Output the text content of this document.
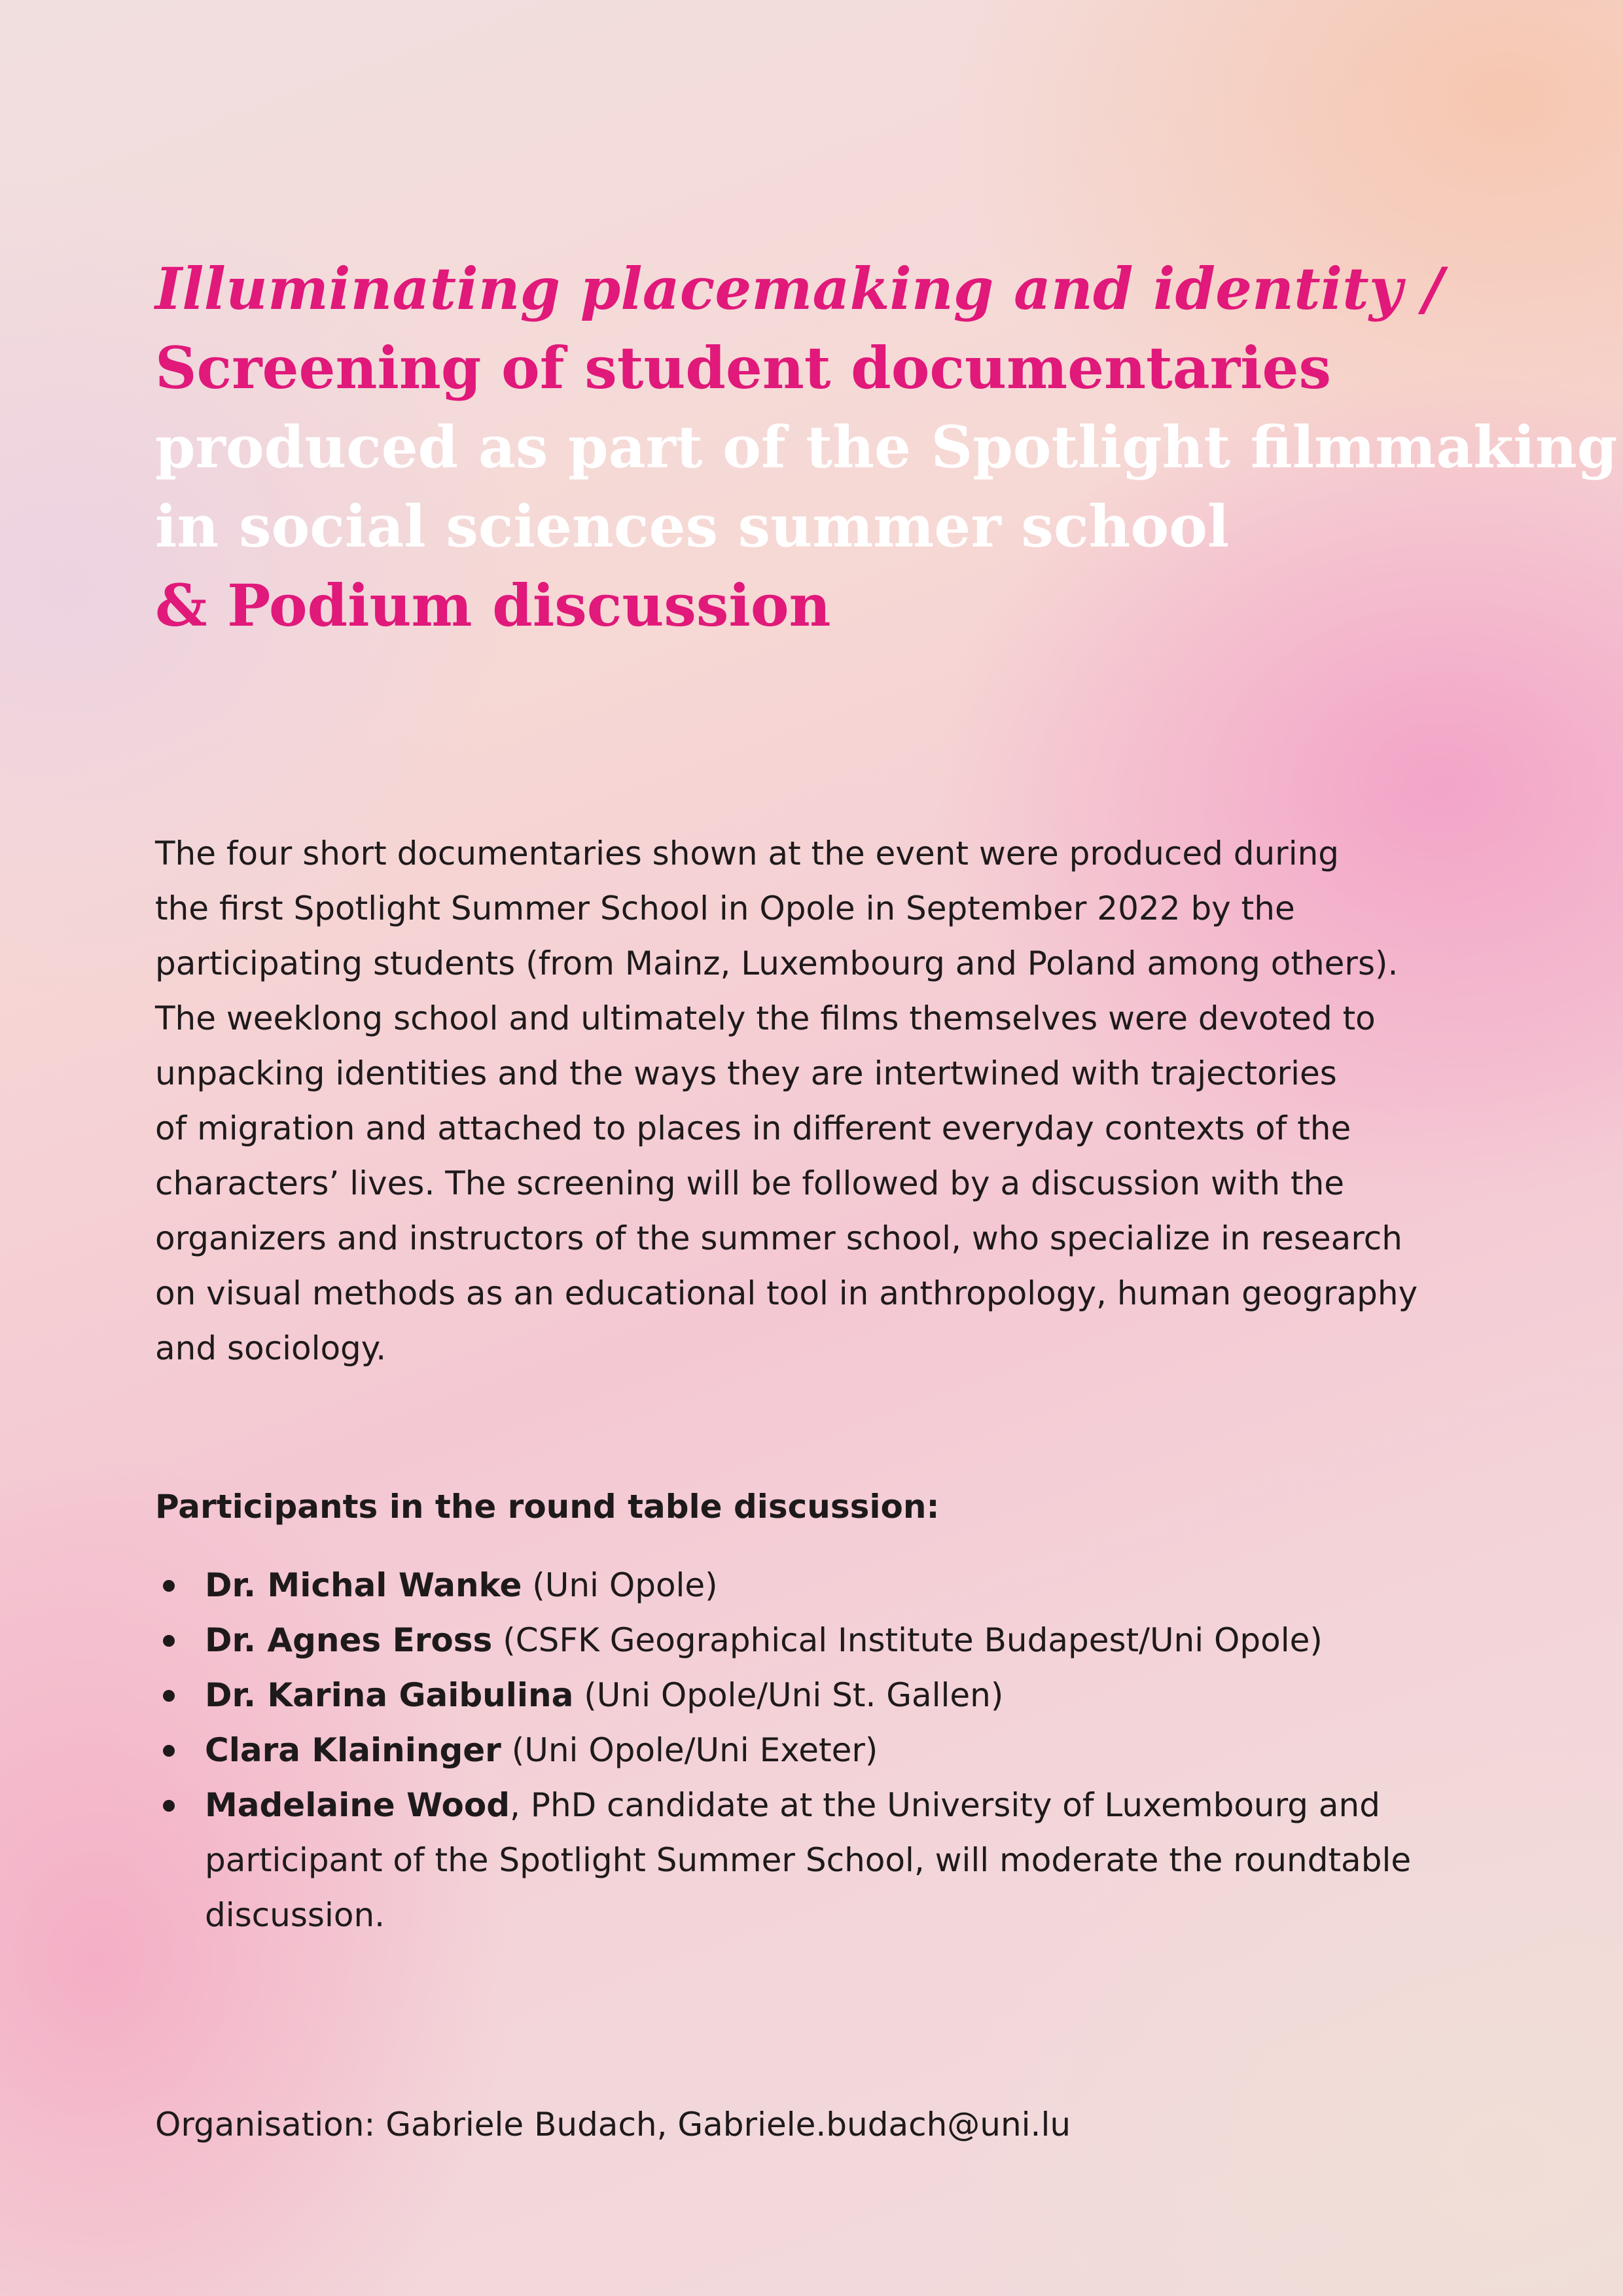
Illuminating placemaking and identity /
Screening of student documentaries
produced as part of the Spotlight filmmaking
in social sciences summer school
& Podium discussion

The four short documentaries shown at the event were produced during
the first Spotlight Summer School in Opole in September 2022 by the
participating students (from Mainz, Luxembourg and Poland among others).
The weeklong school and ultimately the films themselves were devoted to
unpacking identities and the ways they are intertwined with trajectories
of migration and attached to places in different everyday contexts of the
characters’ lives. The screening will be followed by a discussion with the
organizers and instructors of the summer school, who specialize in research
on visual methods as an educational tool in anthropology, human geography
and sociology.

Participants in the round table discussion:
Dr. Michal Wanke (Uni Opole)
Dr. Agnes Eross (CSFK Geographical Institute Budapest/Uni Opole)
Dr. Karina Gaibulina (Uni Opole/Uni St. Gallen)
Clara Klaininger (Uni Opole/Uni Exeter)
Madelaine Wood, PhD candidate at the University of Luxembourg and
participant of the Spotlight Summer School, will moderate the roundtable
discussion.
Organisation: Gabriele Budach, Gabriele.budach@uni.lu
